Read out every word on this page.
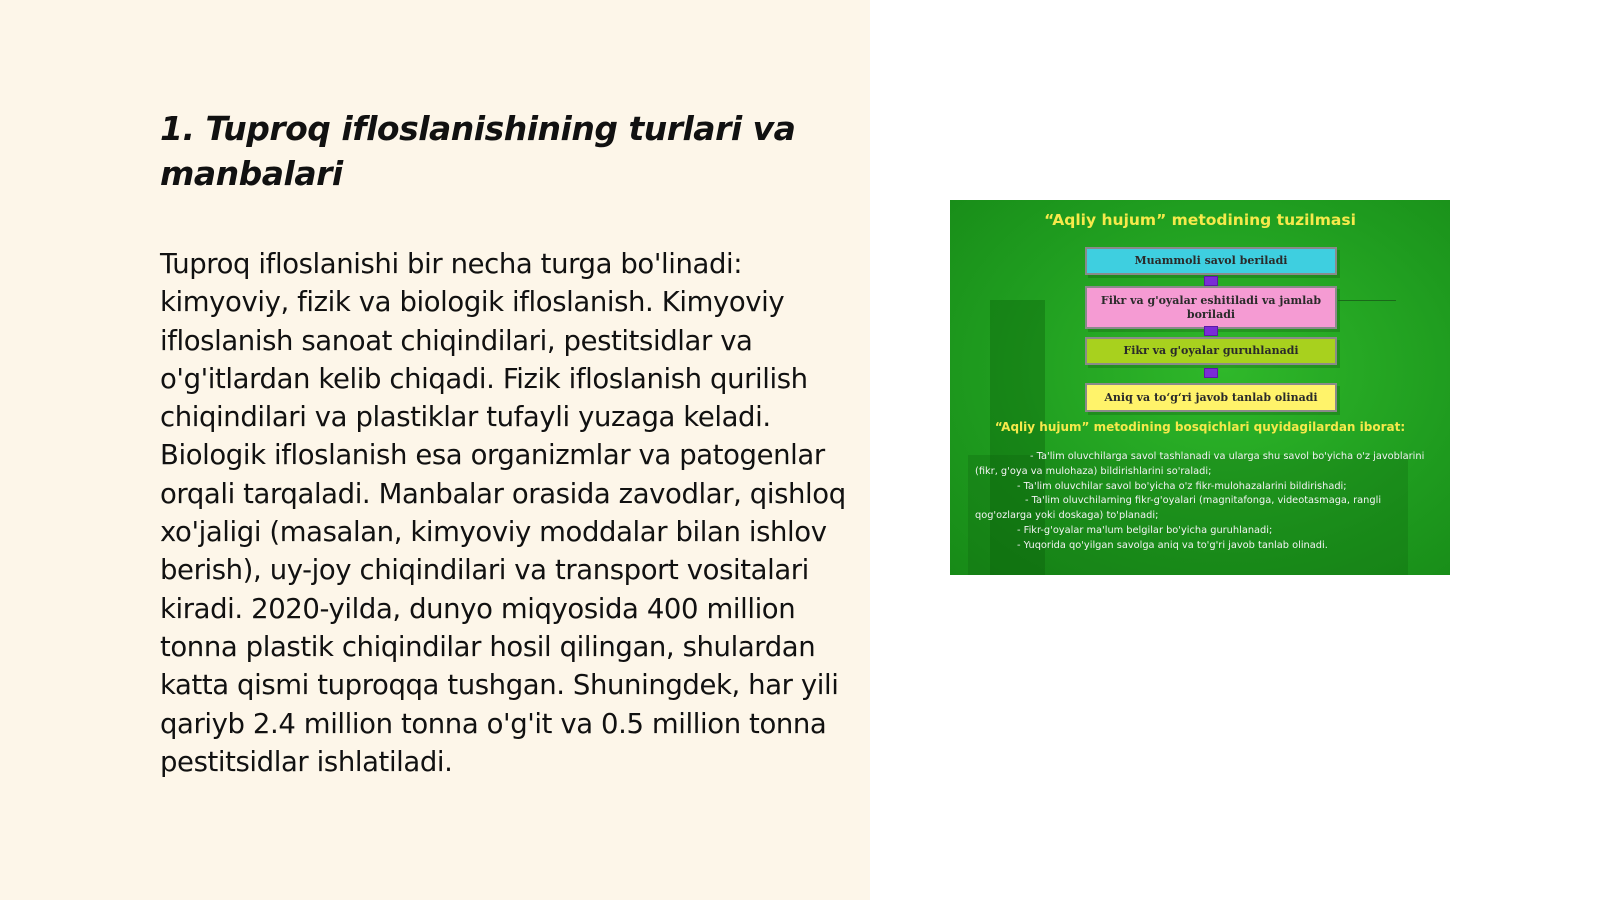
1. Tuproq ifloslanishining turlari va manbalari

Tuproq ifloslanishi bir necha turga bo'linadi: kimyoviy, fizik va biologik ifloslanish. Kimyoviy ifloslanish sanoat chiqindilari, pestitsidlar va o'g'itlardan kelib chiqadi. Fizik ifloslanish qurilish chiqindilari va plastiklar tufayli yuzaga keladi. Biologik ifloslanish esa organizmlar va patogenlar orqali tarqaladi. Manbalar orasida zavodlar, qishloq xo'jaligi (masalan, kimyoviy moddalar bilan ishlov berish), uy-joy chiqindilari va transport vositalari kiradi. 2020-yilda, dunyo miqyosida 400 million tonna plastik chiqindilar hosil qilingan, shulardan katta qismi tuproqqa tushgan. Shuningdek, har yili qariyb 2.4 million tonna o'g'it va 0.5 million tonna pestitsidlar ishlatiladi.

“Aqliy hujum” metodining tuzilmasi
Muammoli savol beriladi
Fikr va g'oyalar eshitiladi va jamlab boriladi
Fikr va g'oyalar guruhlanadi
Aniq va to‘g‘ri javob tanlab olinadi
“Aqliy hujum” metodining bosqichlari quyidagilardan iborat:
- Ta'lim oluvchilarga savol tashlanadi va ularga shu savol bo'yicha o'z javoblarini (fikr, g'oya va mulohaza) bildirishlarini so'raladi;
- Ta'lim oluvchilar savol bo'yicha o'z fikr-mulohazalarini bildirishadi;
- Ta'lim oluvchilarning fikr-g'oyalari (magnitafonga, videotasmaga, rangli qog'ozlarga yoki doskaga) to'planadi;
- Fikr-g'oyalar ma'lum belgilar bo'yicha guruhlanadi;
- Yuqorida qo'yilgan savolga aniq va to'g'ri javob tanlab olinadi.
